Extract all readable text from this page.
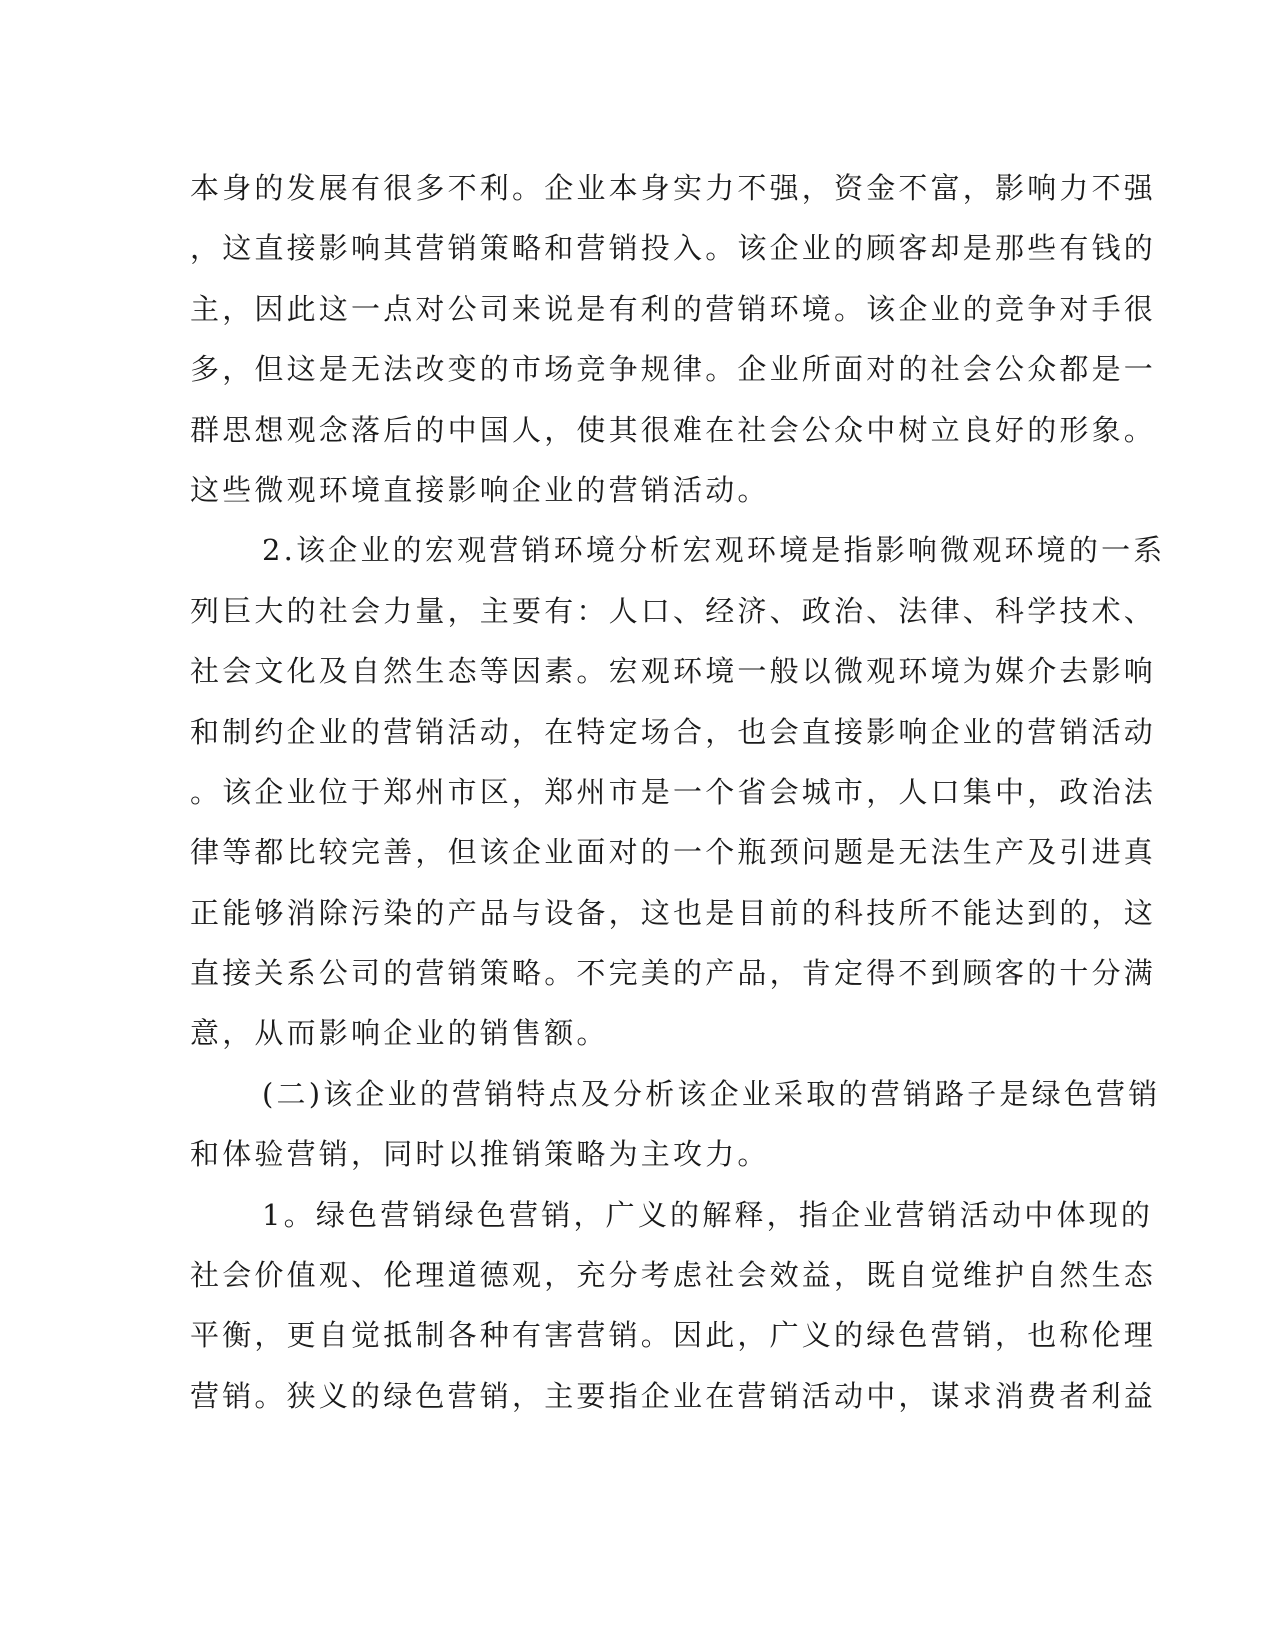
本身的发展有很多不利。企业本身实力不强，资金不富，影响力不强
，这直接影响其营销策略和营销投入。该企业的顾客却是那些有钱的
主，因此这一点对公司来说是有利的营销环境。该企业的竞争对手很
多，但这是无法改变的市场竞争规律。企业所面对的社会公众都是一
群思想观念落后的中国人，使其很难在社会公众中树立良好的形象。
这些微观环境直接影响企业的营销活动。
2.该企业的宏观营销环境分析宏观环境是指影响微观环境的一系
列巨大的社会力量，主要有：人口、经济、政治、法律、科学技术、
社会文化及自然生态等因素。宏观环境一般以微观环境为媒介去影响
和制约企业的营销活动，在特定场合，也会直接影响企业的营销活动
。该企业位于郑州市区，郑州市是一个省会城市，人口集中，政治法
律等都比较完善，但该企业面对的一个瓶颈问题是无法生产及引进真
正能够消除污染的产品与设备，这也是目前的科技所不能达到的，这
直接关系公司的营销策略。不完美的产品，肯定得不到顾客的十分满
意，从而影响企业的销售额。
(二)该企业的营销特点及分析该企业采取的营销路子是绿色营销
和体验营销，同时以推销策略为主攻力。
1。绿色营销绿色营销，广义的解释，指企业营销活动中体现的
社会价值观、伦理道德观，充分考虑社会效益，既自觉维护自然生态
平衡，更自觉抵制各种有害营销。因此，广义的绿色营销，也称伦理
营销。狭义的绿色营销，主要指企业在营销活动中，谋求消费者利益
